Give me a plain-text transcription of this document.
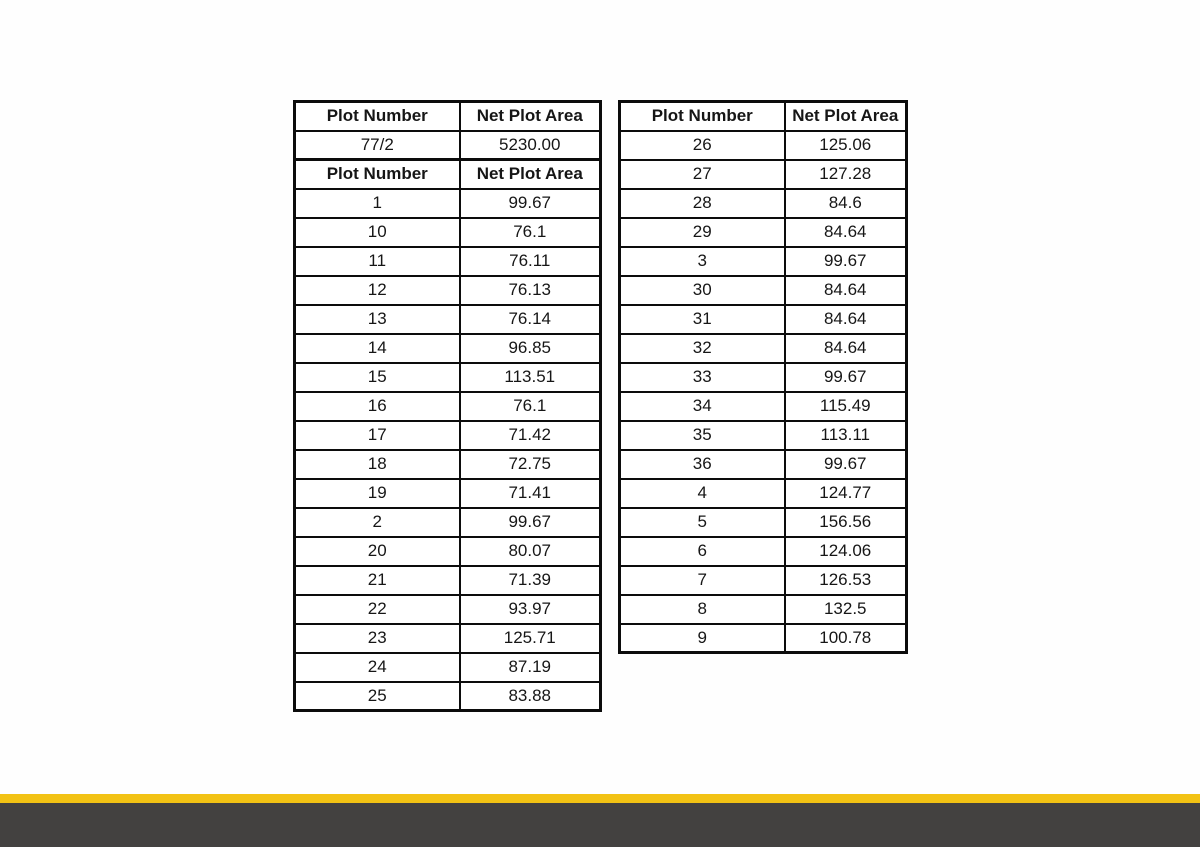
Plot Number	Net Plot Area
77/2	5230.00
Plot Number	Net Plot Area
1	99.67
10	76.1
11	76.11
12	76.13
13	76.14
14	96.85
15	113.51
16	76.1
17	71.42
18	72.75
19	71.41
2	99.67
20	80.07
21	71.39
22	93.97
23	125.71
24	87.19
25	83.88
Plot Number	Net Plot Area
26	125.06
27	127.28
28	84.6
29	84.64
3	99.67
30	84.64
31	84.64
32	84.64
33	99.67
34	115.49
35	113.11
36	99.67
4	124.77
5	156.56
6	124.06
7	126.53
8	132.5
9	100.78
